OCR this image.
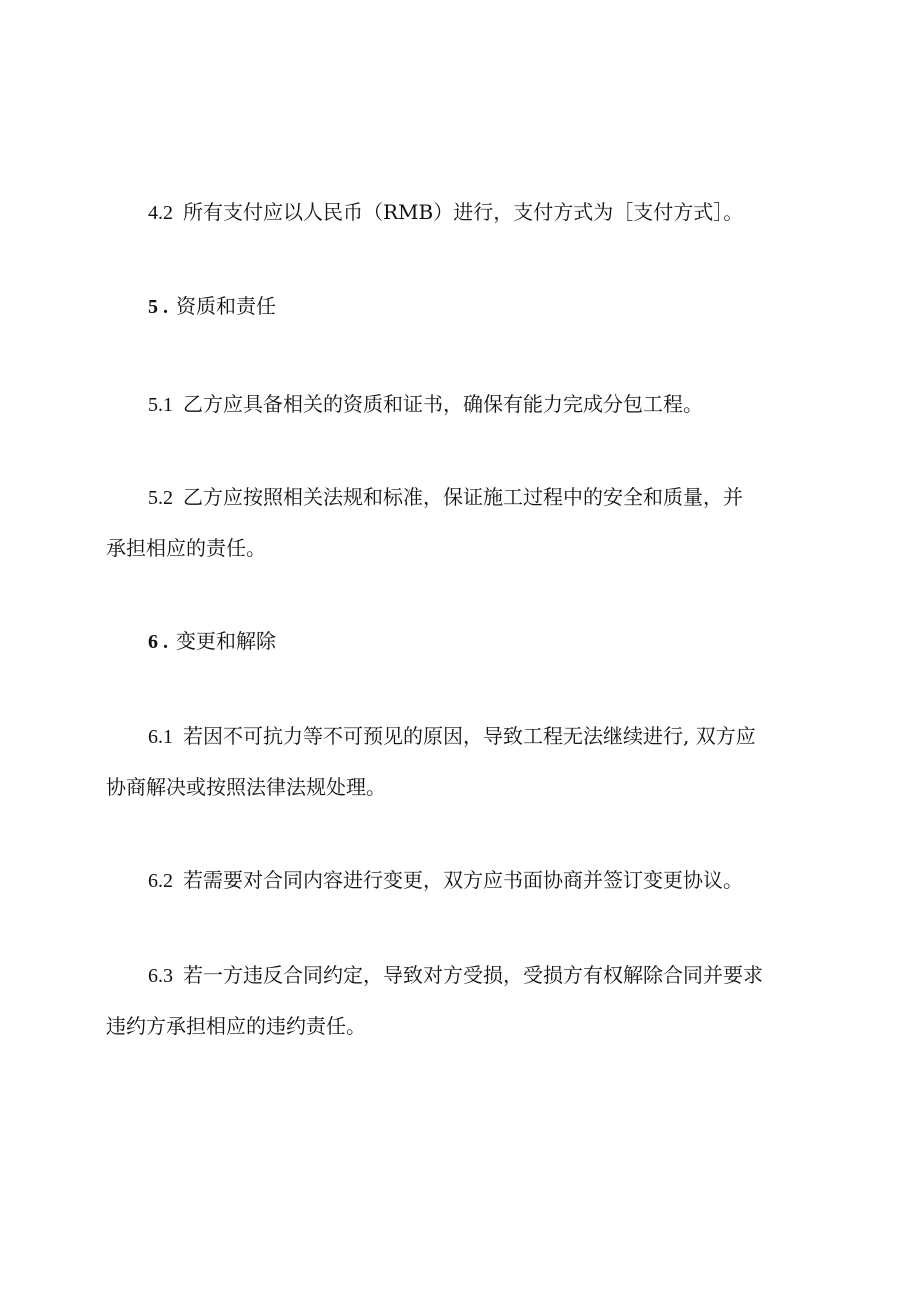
4.2 所有支付应以人民币（RMB）进行，支付方式为［支付方式］。
5 . 资质和责任
5.1 乙方应具备相关的资质和证书，确保有能力完成分包工程。
5.2 乙方应按照相关法规和标准，保证施工过程中的安全和质量，并
承担相应的责任。
6 . 变更和解除
6.1 若因不可抗力等不可预见的原因，导致工程无法继续进行, 双方应
协商解决或按照法律法规处理。
6.2 若需要对合同内容进行变更，双方应书面协商并签订变更协议。
6.3 若一方违反合同约定，导致对方受损，受损方有权解除合同并要求
违约方承担相应的违约责任。
